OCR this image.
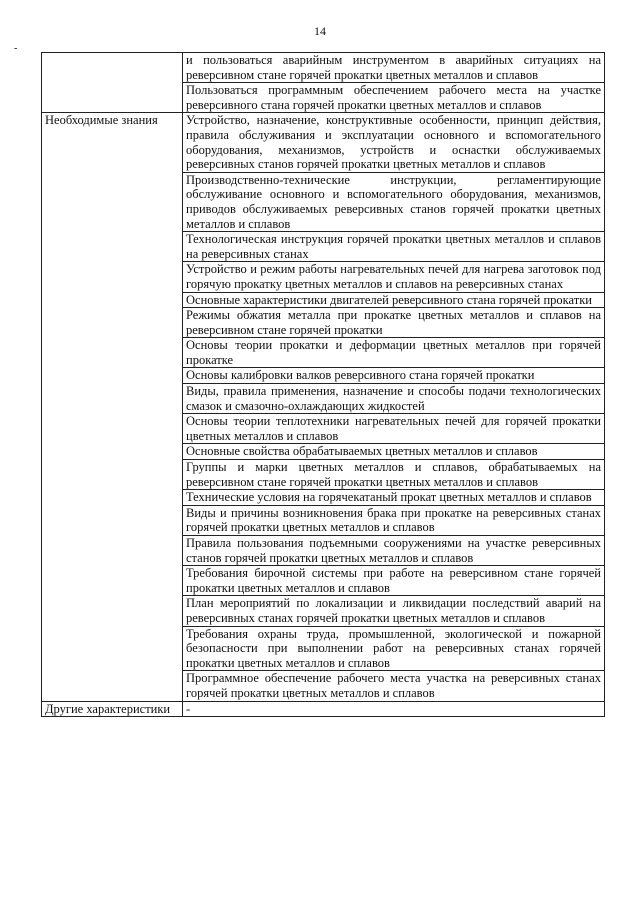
14
-

	и пользоваться аварийным инструментом в аварийных ситуациях на реверсивном стане горячей прокатки цветных металлов и сплавов

	Пользоваться программным обеспечением рабочего места на участке реверсивного стана горячей прокатки цветных металлов и сплавов

Необходимые знания	Устройство, назначение, конструктивные особенности, принцип действия, правила обслуживания и эксплуатации основного и вспомогательного оборудования, механизмов, устройств и оснастки обслуживаемых реверсивных станов горячей прокатки цветных металлов и сплавов

	Производственно-технические инструкции, регламентирующие обслуживание основного и вспомогательного оборудования, механизмов, приводов обслуживаемых реверсивных станов горячей прокатки цветных металлов и сплавов

	Технологическая инструкция горячей прокатки цветных металлов и сплавов на реверсивных станах

	Устройство и режим работы нагревательных печей для нагрева заготовок под горячую прокатку цветных металлов и сплавов на реверсивных станах

	Основные характеристики двигателей реверсивного стана горячей прокатки

	Режимы обжатия металла при прокатке цветных металлов и сплавов на реверсивном стане горячей прокатки

	Основы теории прокатки и деформации цветных металлов при горячей прокатке

	Основы калибровки валков реверсивного стана горячей прокатки

	Виды, правила применения, назначение и способы подачи технологических смазок и смазочно-охлаждающих жидкостей

	Основы теории теплотехники нагревательных печей для горячей прокатки цветных металлов и сплавов

	Основные свойства обрабатываемых цветных металлов и сплавов

	Группы и марки цветных металлов и сплавов, обрабатываемых на реверсивном стане горячей прокатки цветных металлов и сплавов

	Технические условия на горячекатаный прокат цветных металлов и сплавов

	Виды и причины возникновения брака при прокатке на реверсивных станах горячей прокатки цветных металлов и сплавов

	Правила пользования подъемными сооружениями на участке реверсивных станов горячей прокатки цветных металлов и сплавов

	Требования бирочной системы при работе на реверсивном стане горячей прокатки цветных металлов и сплавов

	План мероприятий по локализации и ликвидации последствий аварий на реверсивных станах горячей прокатки цветных металлов и сплавов

	Требования охраны труда, промышленной, экологической и пожарной безопасности при выполнении работ на реверсивных станах горячей прокатки цветных металлов и сплавов

	Программное обеспечение рабочего места участка на реверсивных станах горячей прокатки цветных металлов и сплавов

Другие характеристики	-
